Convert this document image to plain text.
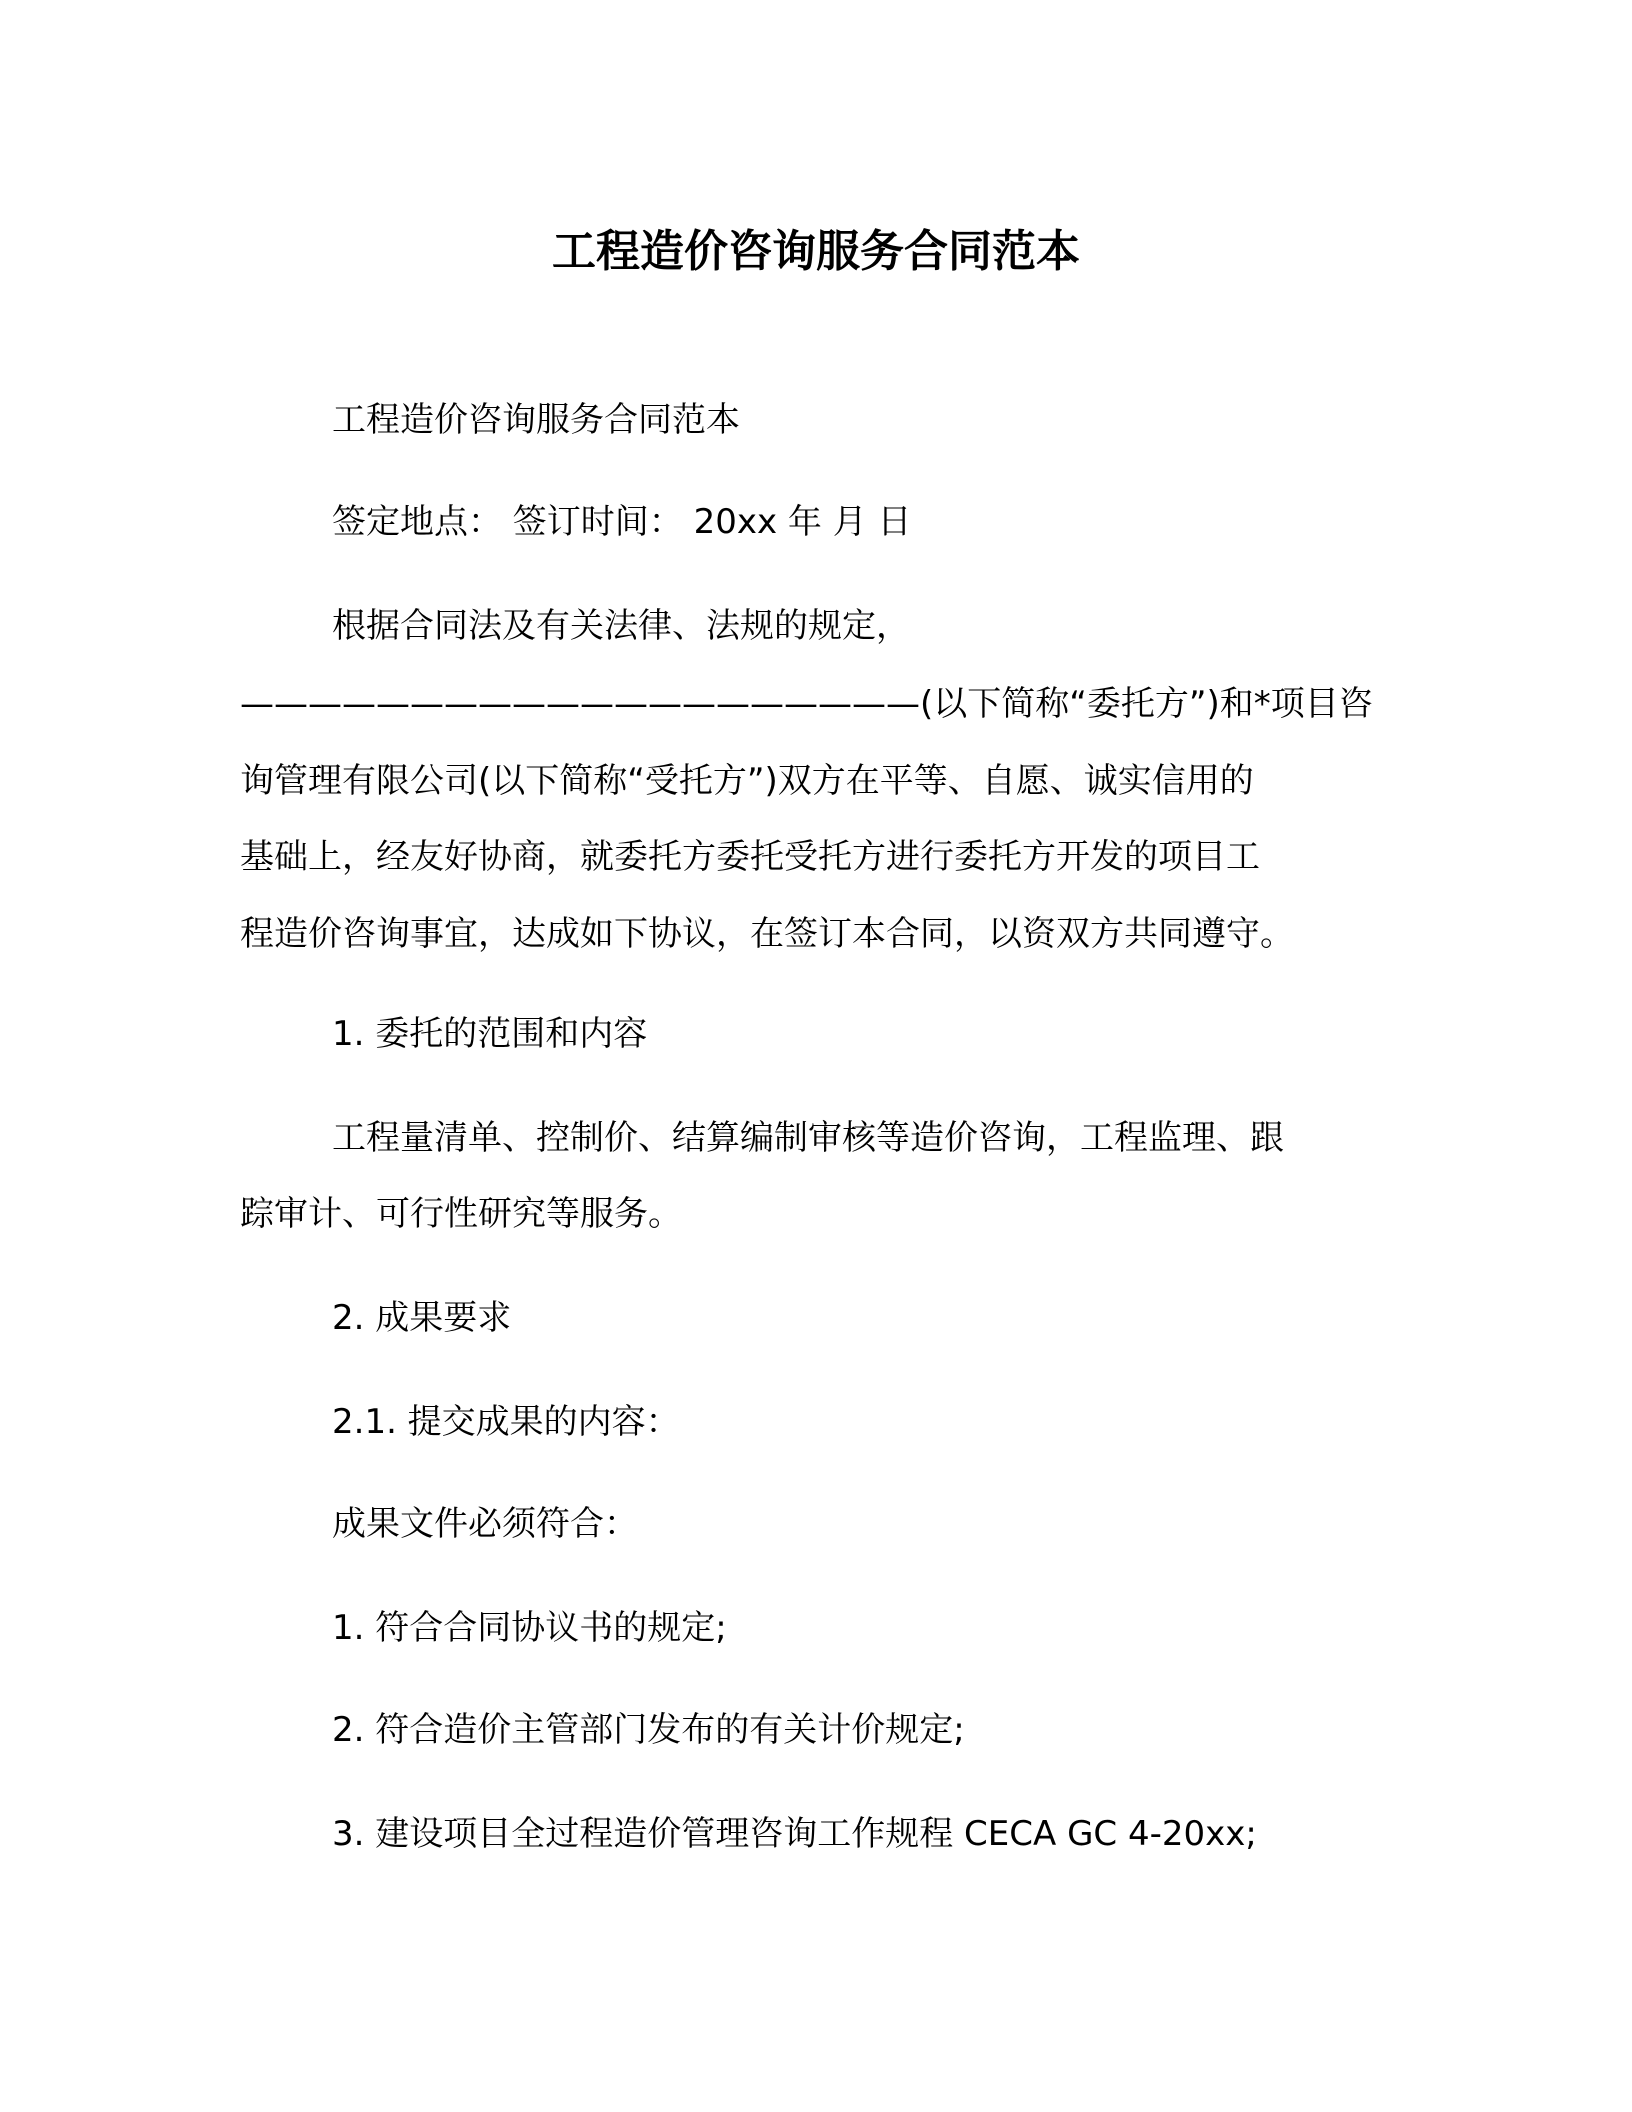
工程造价咨询服务合同范本
工程造价咨询服务合同范本
签定地点： 签订时间： 20xx 年 月 日
根据合同法及有关法律、法规的规定，
————————————————————(以下简称“委托方”)和*项目咨
询管理有限公司(以下简称“受托方”)双方在平等、自愿、诚实信用的
基础上，经友好协商，就委托方委托受托方进行委托方开发的项目工
程造价咨询事宜，达成如下协议，在签订本合同，以资双方共同遵守。
1. 委托的范围和内容
工程量清单、控制价、结算编制审核等造价咨询，工程监理、跟
踪审计、可行性研究等服务。
2. 成果要求
2.1. 提交成果的内容：
成果文件必须符合：
1. 符合合同协议书的规定;
2. 符合造价主管部门发布的有关计价规定;
3. 建设项目全过程造价管理咨询工作规程 CECA GC 4-20xx;
